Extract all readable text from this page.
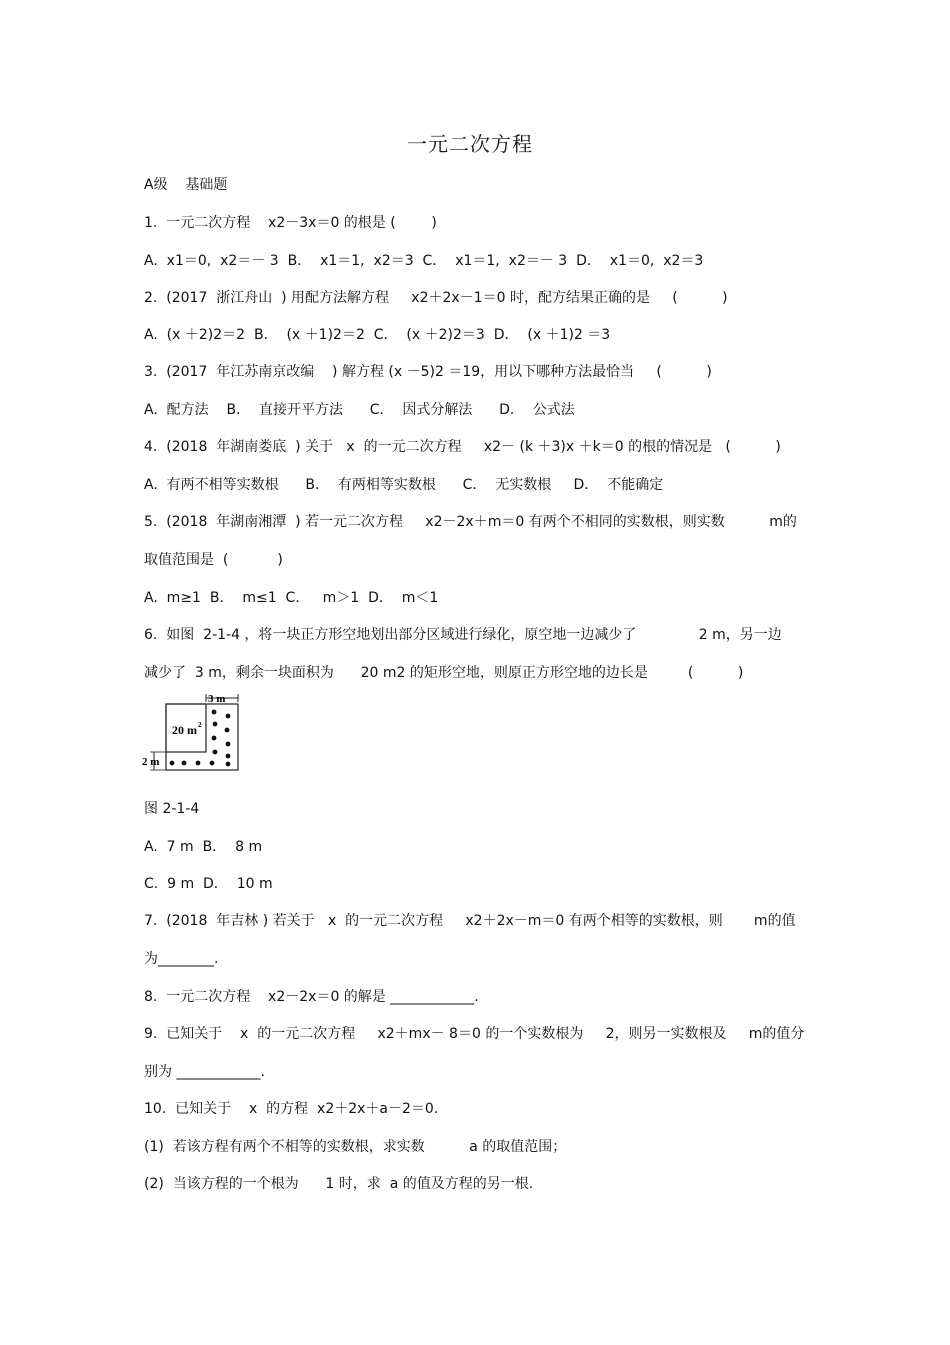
一元二次方程
A级    基础题
1.  一元二次方程    x2－3x＝0 的根是 (        )
A.  x1＝0,  x2＝－ 3  B．  x1＝1,  x2＝3  C．  x1＝1,  x2＝－ 3  D．  x1＝0,  x2＝3
2.  (2017  浙江舟山  ) 用配方法解方程     x2＋2x－1＝0 时，配方结果正确的是     (          )
A.  (x ＋2)2＝2  B．  (x ＋1)2＝2  C．  (x ＋2)2＝3  D．  (x ＋1)2 ＝3
3.  (2017  年江苏南京改编    ) 解方程 (x －5)2 ＝19，用以下哪种方法最恰当     (          )
A.  配方法    B．  直接开平方法      C．  因式分解法      D．  公式法
4.  (2018  年湖南娄底  ) 关于   x  的一元二次方程     x2－ (k ＋3)x ＋k＝0 的根的情况是   (          )
A.  有两不相等实数根      B．  有两相等实数根      C．  无实数根     D．  不能确定
5.  (2018  年湖南湘潭  ) 若一元二次方程     x2－2x＋m＝0 有两个不相同的实数根，则实数          m的
取值范围是  (           )
A.  m≥1  B．  m≤1  C．   m＞1  D．  m＜1
6.  如图  2-1-4 ，将一块正方形空地划出部分区域进行绿化，原空地一边减少了              2 m，另一边
减少了  3 m，剩余一块面积为      20 m2 的矩形空地，则原正方形空地的边长是         (          )
3 m
20 m 2
2 m
图 2-1-4
A.  7 m  B．  8 m
C.  9 m  D．  10 m
7.  (2018  年吉林 ) 若关于   x  的一元二次方程     x2＋2x－m＝0 有两个相等的实数根，则       m的值
为________.
8.  一元二次方程    x2－2x＝0 的解是 ____________.
9.  已知关于    x  的一元二次方程     x2＋mx－ 8＝0 的一个实数根为     2，则另一实数根及     m的值分
别为 ____________.
10.  已知关于    x  的方程  x2＋2x＋a－2＝0.
(1)  若该方程有两个不相等的实数根，求实数          a 的取值范围；
(2)  当该方程的一个根为      1 时，求  a 的值及方程的另一根.
